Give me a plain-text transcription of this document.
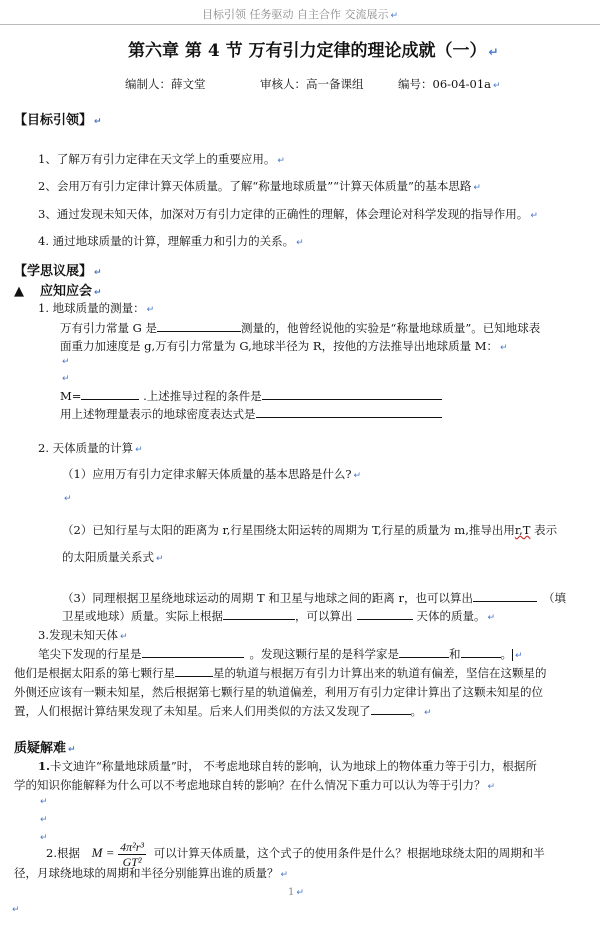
目标引领 任务驱动 自主合作 交流展示 ↵
第六章 第 4 节 万有引力定律的理论成就（一） ↵
编制人：薛文堂	审核人：高一备课组	编号：06-04-01a ↵
【目标引领】 ↵
1、了解万有引力定律在天文学上的重要应用。 ↵
2、会用万有引力定律计算天体质量。了解“称量地球质量”“计算天体质量”的基本思路 ↵
3、通过发现未知天体，加深对万有引力定律的正确性的理解，体会理论对科学发现的指导作用。 ↵
4. 通过地球质量的计算，理解重力和引力的关系。 ↵
【学思议展】 ↵
▲ 应知应会 ↵
1. 地球质量的测量： ↵
万有引力常量 G 是	测量的，他曾经说他的实验是“称量地球质量”。已知地球表
面重力加速度是 g,万有引力常量为 G,地球半径为 R，按他的方法推导出地球质量 M： ↵
↵
↵
M=	.上述推导过程的条件是
用上述物理量表示的地球密度表达式是
2. 天体质量的计算 ↵
（1）应用万有引力定律求解天体质量的基本思路是什么? ↵
↵
（2）已知行星与太阳的距离为 r,行星围绕太阳运转的周期为 T,行星的质量为 m,推导出用r,T 表示
的太阳质量关系式 ↵
（3）同理根据卫星绕地球运动的周期 T 和卫星与地球之间的距离 r，也可以算出	（填
卫星或地球）质量。实际上根据	，可以算出	天体的质量。 ↵
3.发现未知天体 ↵
笔尖下发现的行星是	。发现这颗行星的是科学家是	和	。 ↵
他们是根据太阳系的第七颗行星	星的轨道与根据万有引力计算出来的轨道有偏差，坚信在这颗星的
外侧还应该有一颗未知星，然后根据第七颗行星的轨道偏差，利用万有引力定律计算出了这颗未知星的位
置，人们根据计算结果发现了未知星。后来人们用类似的方法又发现了	。 ↵
质疑解难 ↵
1.卡文迪许“称量地球质量”时， 不考虑地球自转的影响，认为地球上的物体重力等于引力，根据所
学的知识你能解释为什么可以不考虑地球自转的影响？在什么情况下重力可以认为等于引力？ ↵
↵
↵
↵
2.根据 $M = \frac{\text{4π²r³}}{\text{GT²}}$ 可以计算天体质量，这个式子的使用条件是什么？根据地球绕太阳的周期和半
径，月球绕地球的周期和半径分别能算出谁的质量？ ↵
1 ↵
↵
